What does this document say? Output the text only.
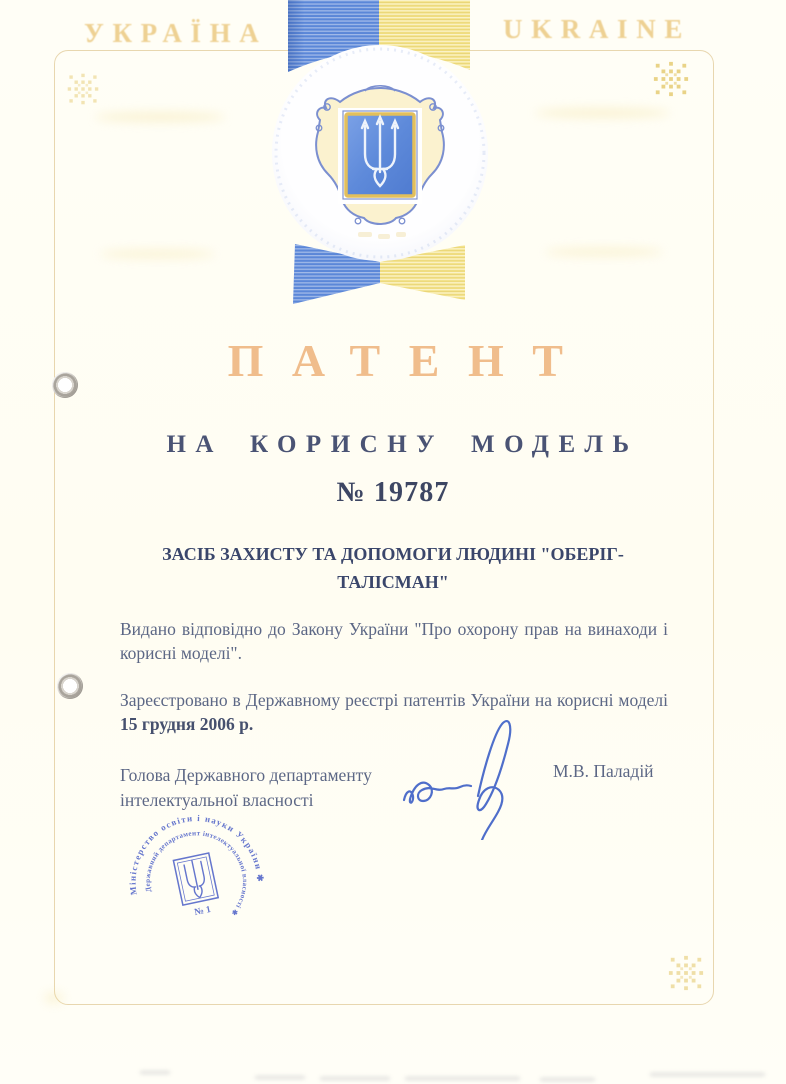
УКРАЇНА	UKRAINE
ПАТЕНТ
НА КОРИСНУ МОДЕЛЬ
№ 19787
ЗАСІБ ЗАХИСТУ ТА ДОПОМОГИ ЛЮДИНІ "ОБЕРІГ-
ТАЛІСМАН"
Видано відповідно до Закону України "Про охорону прав на винаходи і корисні моделі".
Зареєстровано в Державному реєстрі патентів України на корисні моделі 15 грудня 2006 р.
Голова Державного департаменту інтелектуальної власності
М.В. Паладій
Міністерство освіти і науки України ✱
Державний департамент інтелектуальної власності ✱
№ 1
